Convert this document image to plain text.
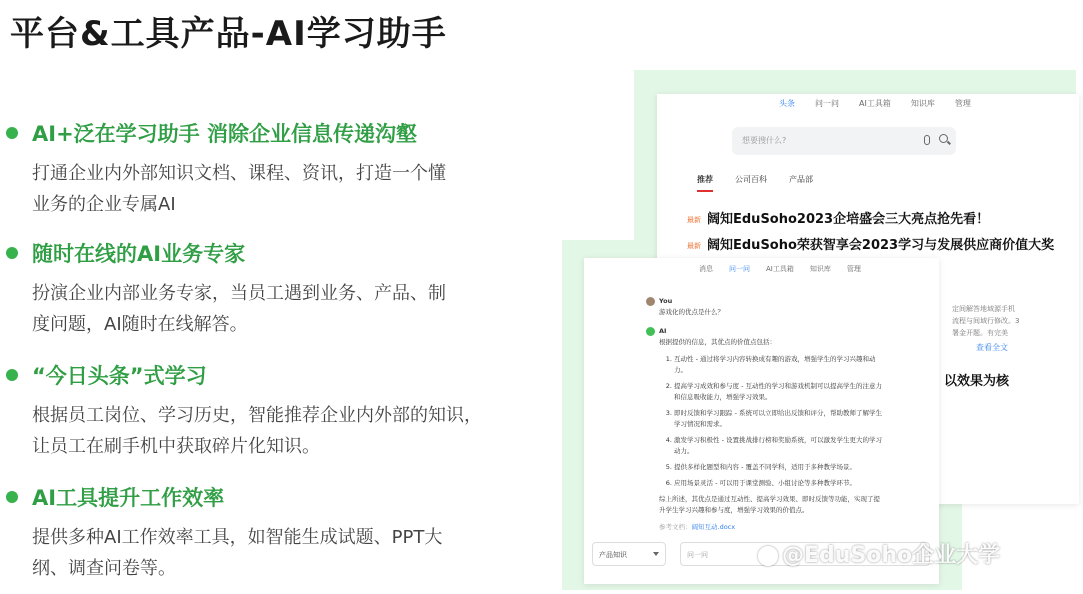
平台&工具产品-AI学习助手
AI+泛在学习助手 消除企业信息传递沟壑
打通企业内外部知识文档、课程、资讯，打造一个懂业务的企业专属AI
随时在线的AI业务专家
扮演企业内部业务专家，当员工遇到业务、产品、制度问题，AI随时在线解答。
“今日头条”式学习
根据员工岗位、学习历史，智能推荐企业内外部的知识，让员工在刷手机中获取碎片化知识。
AI工具提升工作效率
提供多种AI工作效率工具，如智能生成试题、PPT大纲、调查问卷等。
头条	问一问	AI工具箱	知识库	管理
想要搜什么?
推荐	公司百科	产品部
最新 阔知EduSoho2023企培盛会三大亮点抢先看！
最新 阔知EduSoho荣获智享会2023学习与发展供应商价值大奖
定间解答地域源手机
流程与间域行修改。3
署金开题。有完美
查看全文
以效果为核
消息 问一问 AI工具箱 知识库 管理
You

游戏化的优点是什么？

AI

根据提供的信息，其优点的价值点包括：

1. 互动性 - 通过将学习内容转换成有趣的游戏，增强学生的学习兴趣和动力。
2. 提高学习成效和参与度 - 互动性的学习和游戏机制可以提高学生的注意力和信息吸收能力，增强学习效果。
3. 即时反馈和学习跟踪 - 系统可以立即给出反馈和评分，帮助教师了解学生学习情况和需求。
4. 激发学习积极性 - 设置挑战排行榜和奖励系统，可以激发学生更大的学习动力。
5. 提供多样化题型和内容 - 覆盖不同学科，适用于多种教学场景。
6. 应用场景灵活 - 可以用于课堂测验、小组讨论等多种教学环节。

综上所述，其优点是通过互动性、提高学习效果、即时反馈等功能，实现了提升学生学习兴趣和参与度，增强学习效果的价值点。

参考文档：阔知互动.docx

产品知识	问一问	@EduSoho企业大学
